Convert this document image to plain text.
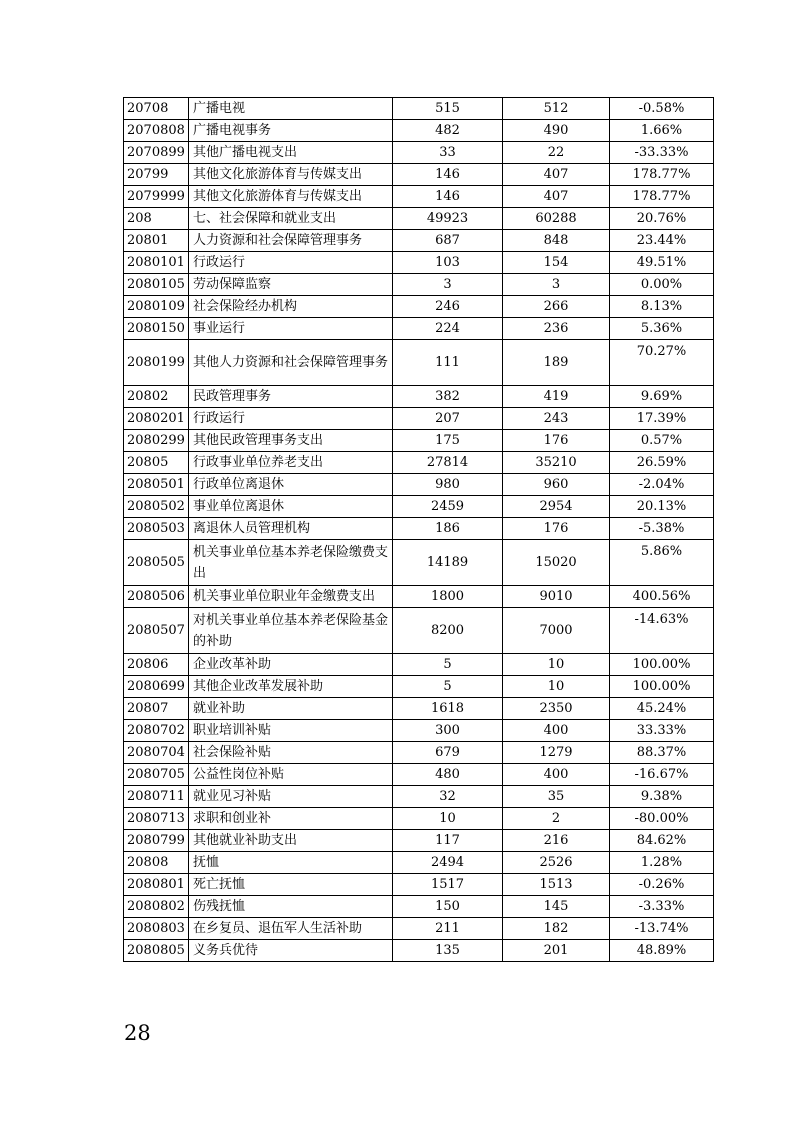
20708	广播电视	515	512	-0.58%
2070808	广播电视事务	482	490	1.66%
2070899	其他广播电视支出	33	22	-33.33%
20799	其他文化旅游体育与传媒支出	146	407	178.77%
2079999	其他文化旅游体育与传媒支出	146	407	178.77%
208	七、社会保障和就业支出	49923	60288	20.76%
20801	人力资源和社会保障管理事务	687	848	23.44%
2080101	行政运行	103	154	49.51%
2080105	劳动保障监察	3	3	0.00%
2080109	社会保险经办机构	246	266	8.13%
2080150	事业运行	224	236	5.36%
2080199	其他人力资源和社会保障管理事务	111	189	70.27%
20802	民政管理事务	382	419	9.69%
2080201	行政运行	207	243	17.39%
2080299	其他民政管理事务支出	175	176	0.57%
20805	行政事业单位养老支出	27814	35210	26.59%
2080501	行政单位离退休	980	960	-2.04%
2080502	事业单位离退休	2459	2954	20.13%
2080503	离退休人员管理机构	186	176	-5.38%
2080505	机关事业单位基本养老保险缴费支出	14189	15020	5.86%
2080506	机关事业单位职业年金缴费支出	1800	9010	400.56%
2080507	对机关事业单位基本养老保险基金的补助	8200	7000	-14.63%
20806	企业改革补助	5	10	100.00%
2080699	其他企业改革发展补助	5	10	100.00%
20807	就业补助	1618	2350	45.24%
2080702	职业培训补贴	300	400	33.33%
2080704	社会保险补贴	679	1279	88.37%
2080705	公益性岗位补贴	480	400	-16.67%
2080711	就业见习补贴	32	35	9.38%
2080713	求职和创业补	10	2	-80.00%
2080799	其他就业补助支出	117	216	84.62%
20808	抚恤	2494	2526	1.28%
2080801	死亡抚恤	1517	1513	-0.26%
2080802	伤残抚恤	150	145	-3.33%
2080803	在乡复员、退伍军人生活补助	211	182	-13.74%
2080805	义务兵优待	135	201	48.89%
28
